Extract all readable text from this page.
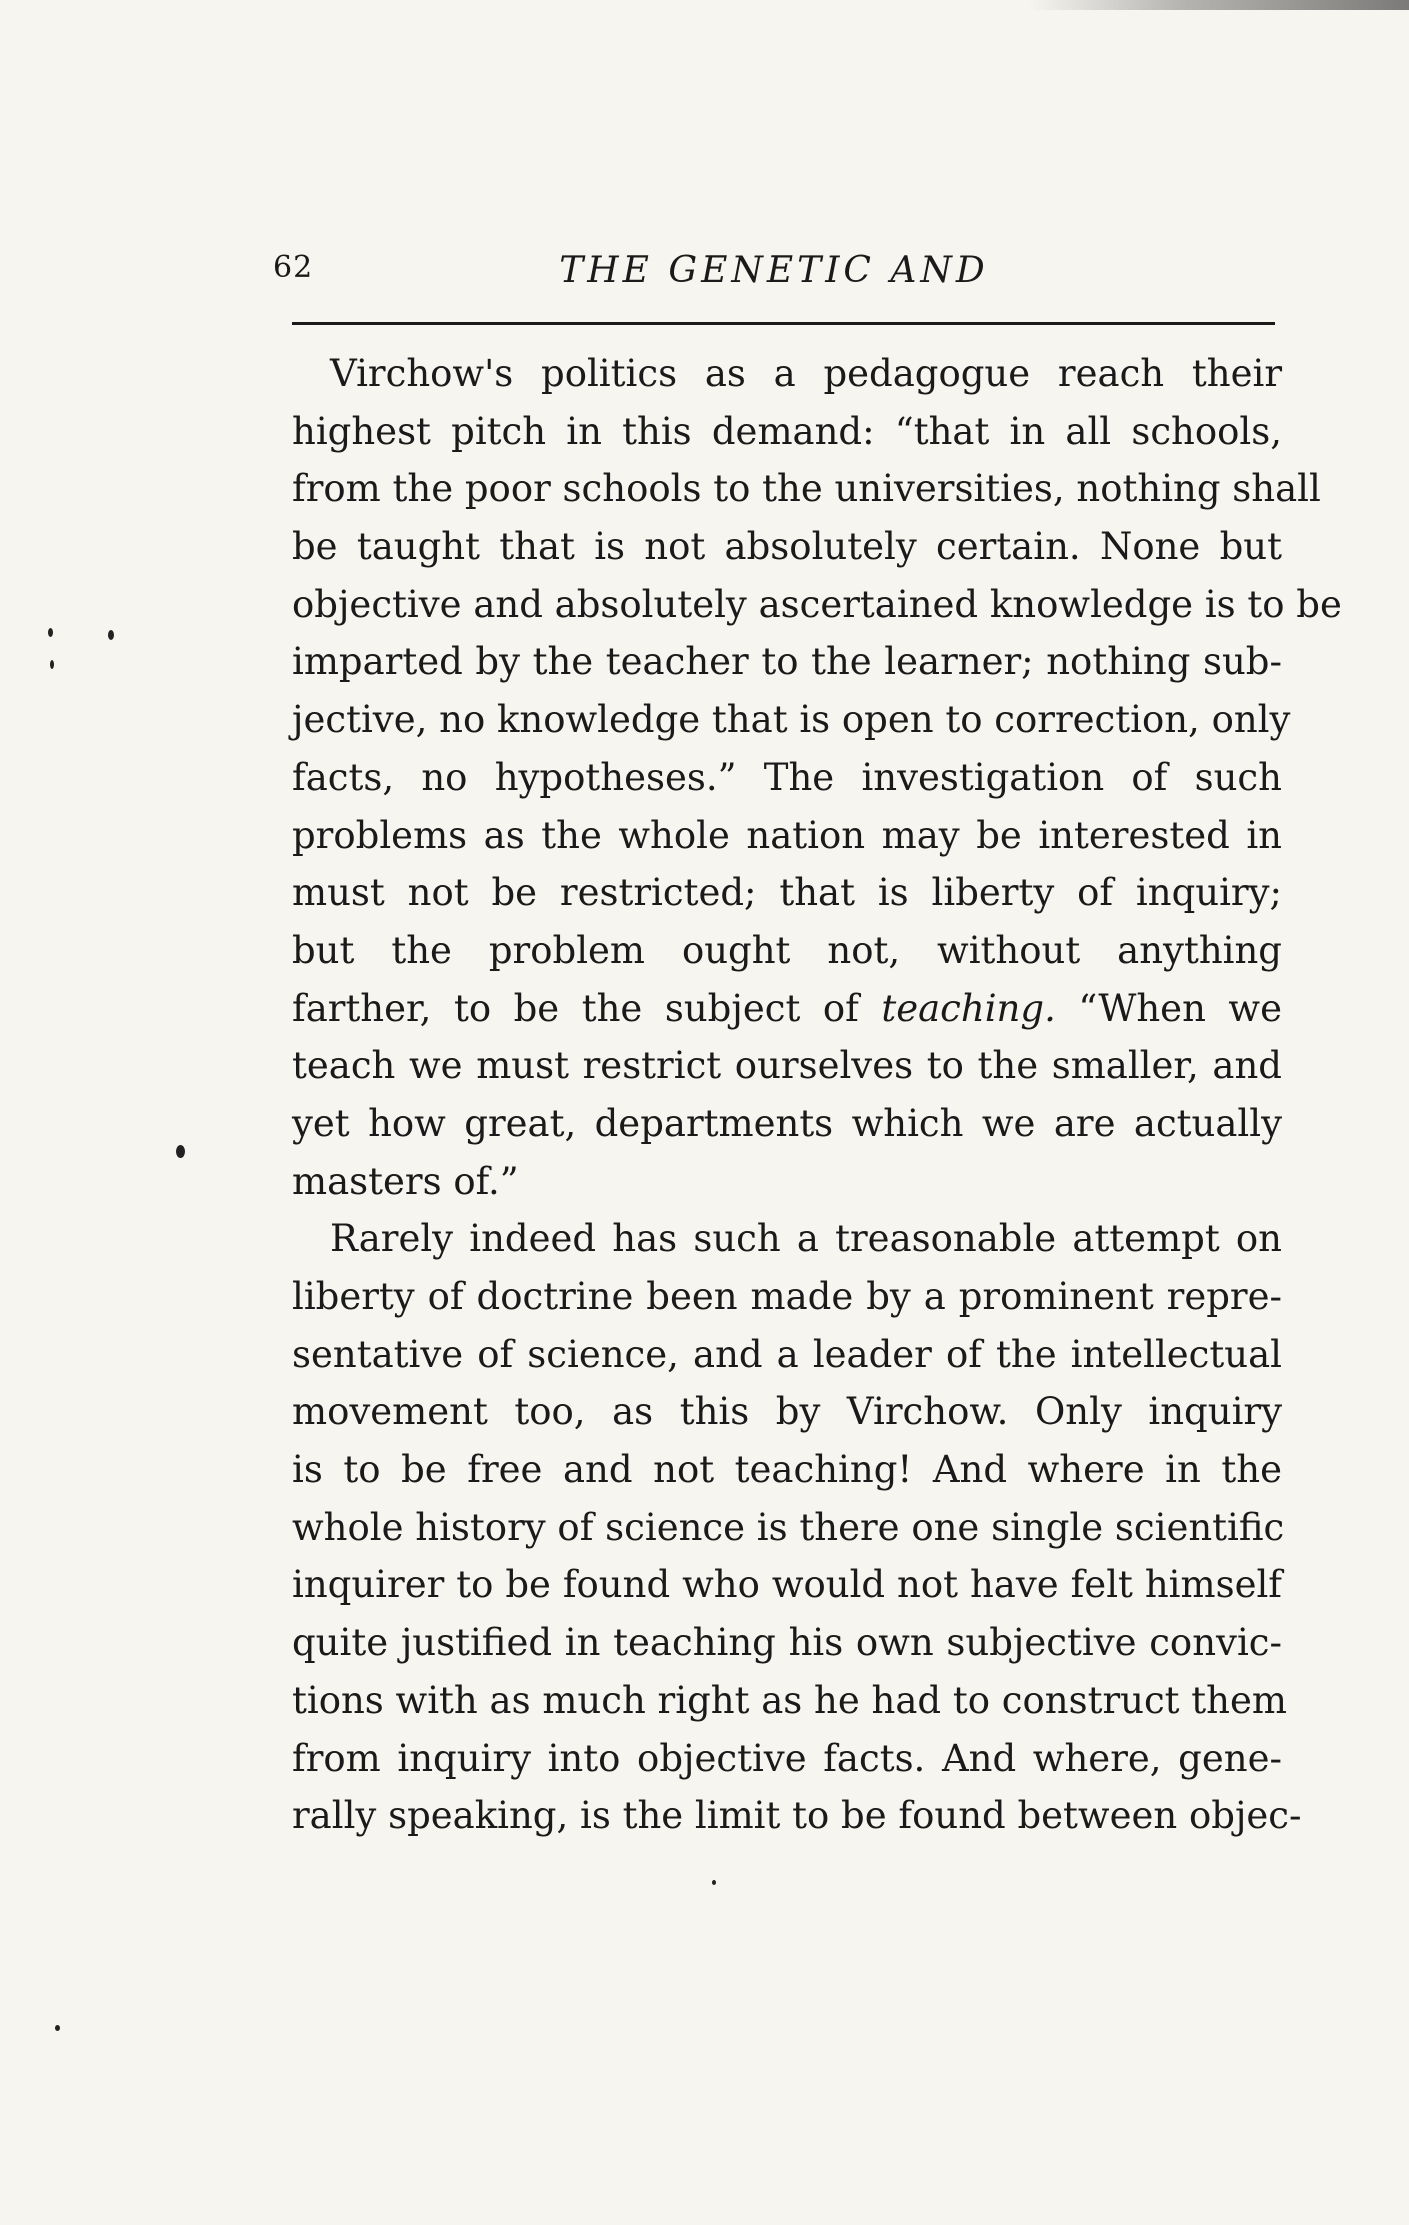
62	THE GENETIC AND
Virchow's politics as a pedagogue reach their
highest pitch in this demand: “that in all schools,
from the poor schools to the universities, nothing shall
be taught that is not absolutely certain. None but
objective and absolutely ascertained knowledge is to be
imparted by the teacher to the learner; nothing sub-
jective, no knowledge that is open to correction, only
facts, no hypotheses.” The investigation of such
problems as the whole nation may be interested in
must not be restricted; that is liberty of inquiry;
but the problem ought not, without anything
farther, to be the subject of teaching. “When we
teach we must restrict ourselves to the smaller, and
yet how great, departments which we are actually
masters of.”
Rarely indeed has such a treasonable attempt on
liberty of doctrine been made by a prominent repre-
sentative of science, and a leader of the intellectual
movement too, as this by Virchow. Only inquiry
is to be free and not teaching! And where in the
whole history of science is there one single scientific
inquirer to be found who would not have felt himself
quite justified in teaching his own subjective convic-
tions with as much right as he had to construct them
from inquiry into objective facts. And where, gene-
rally speaking, is the limit to be found between objec-
